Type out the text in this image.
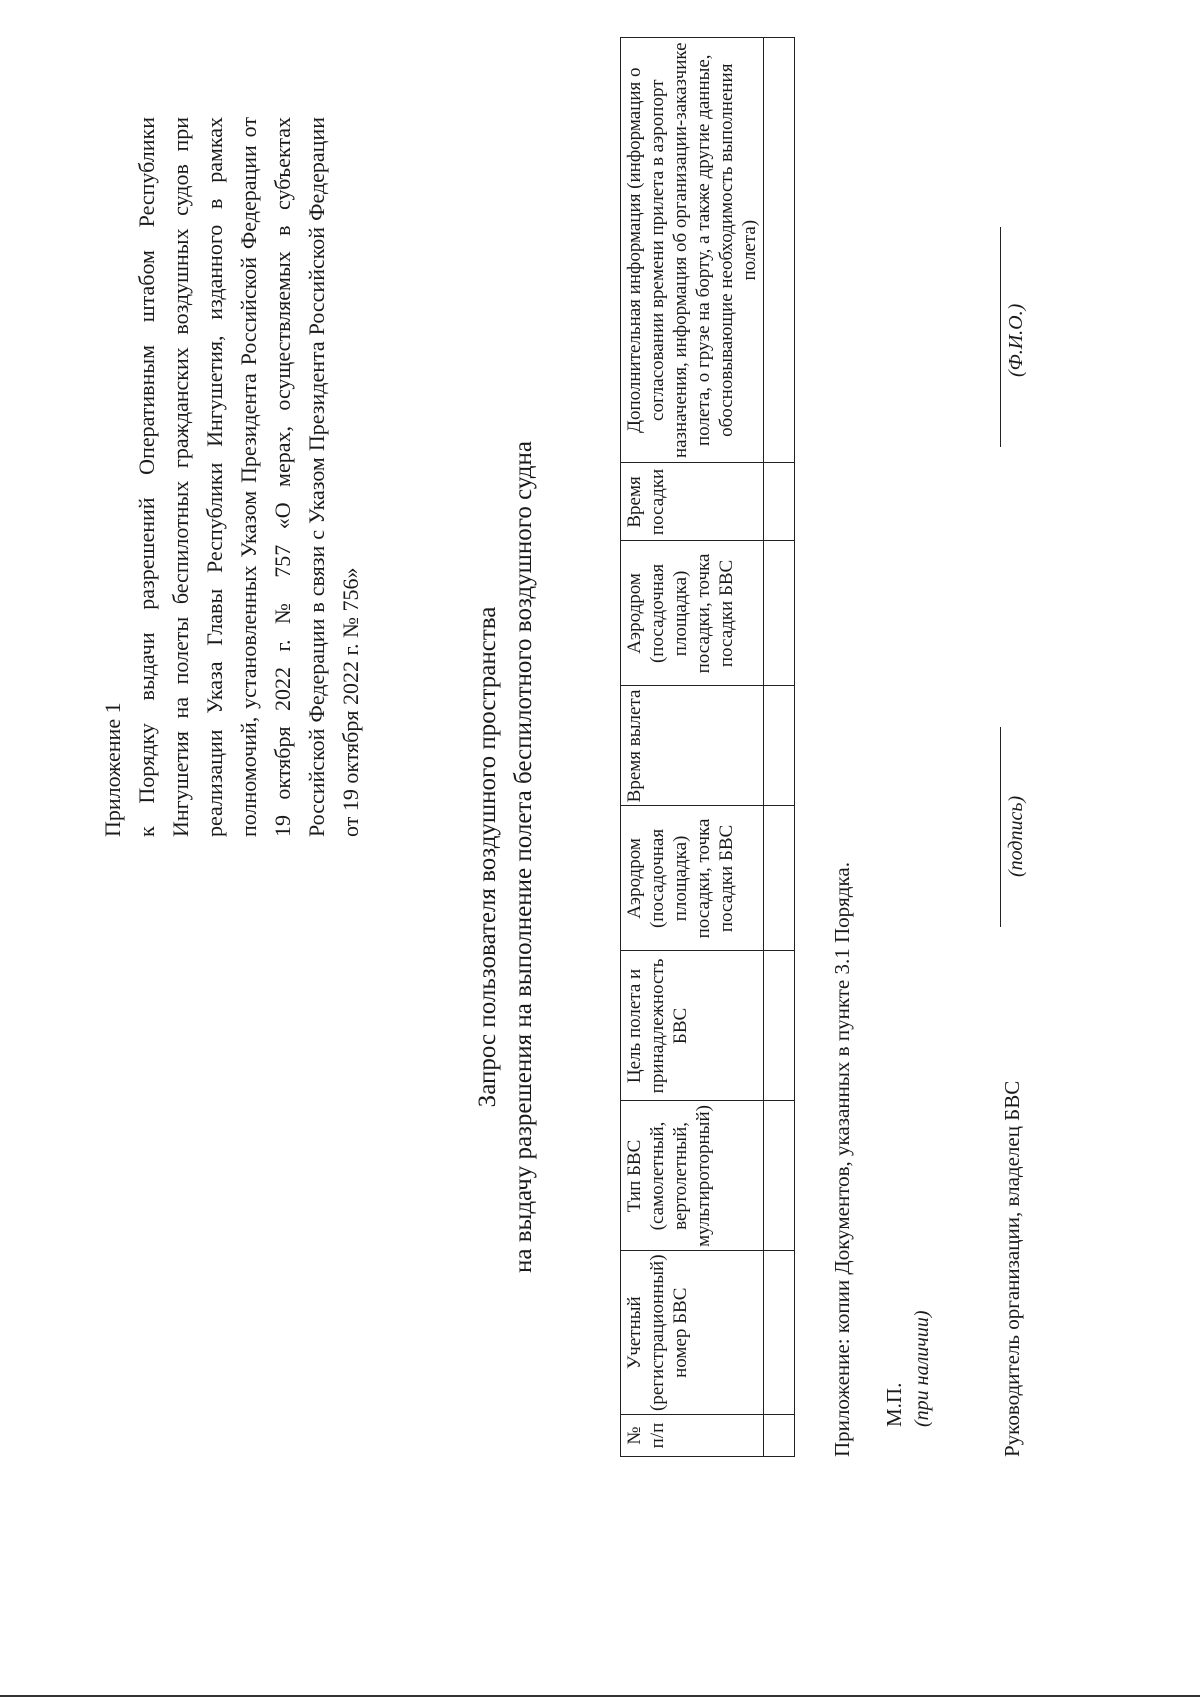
Приложение 1 к Порядку выдачи разрешений Оперативным штабом Республики Ингушетия на полеты беспилотных гражданских воздушных судов при реализации Указа Главы Республики Ингушетия, изданного в рамках полномочий, установленных Указом Президента Российской Федерации от 19 октября 2022 г. № 757 «О мерах, осуществляемых в субъектах Российской Федерации в связи с Указом Президента Российской Федерации от 19 октября 2022 г. № 756»	Запрос пользователя воздушного пространства на выдачу разрешения на выполнение полета беспилотного воздушного судна
№ п/п	Учетный (регистрационный) номер БВС	Тип БВС (самолетный, вертолетный, мультироторный)	Цель полета и принадлежность БВС	Аэродром (посадочная площадка) посадки, точка посадки БВС	Время вылета	Аэродром (посадочная площадка) посадки, точка посадки БВС	Время посадки	Дополнительная информация (информация о согласовании времени прилета в аэропорт назначения, информация об организации-заказчике полета, о грузе на борту, а также другие данные, обосновывающие необходимость выполнения полета)

Приложение: копии Документов, указанных в пункте 3.1 Порядка. М.П. (при наличии)	Руководитель организации, владелец БВС
(подпись)
(Ф.И.О.)
